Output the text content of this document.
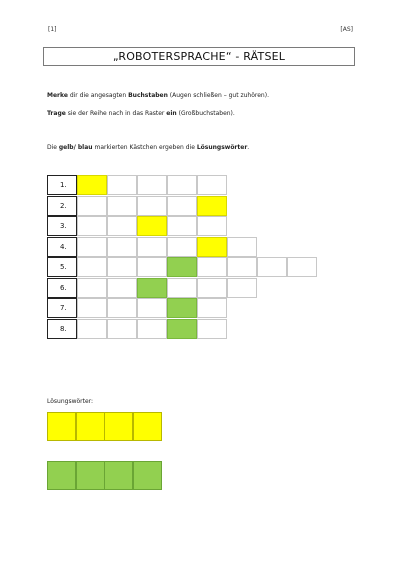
[1]	[AS]
„ROBOTERSPRACHE“ - RÄTSEL
Merke dir die angesagten Buchstaben (Augen schließen – gut zuhören).
Trage sie der Reihe nach in das Raster ein (Großbuchstaben).
Die gelb/ blau markierten Kästchen ergeben die Lösungswörter.
1.
2.
3.
4.
5.
6.
7.
8.
Lösungswörter:
